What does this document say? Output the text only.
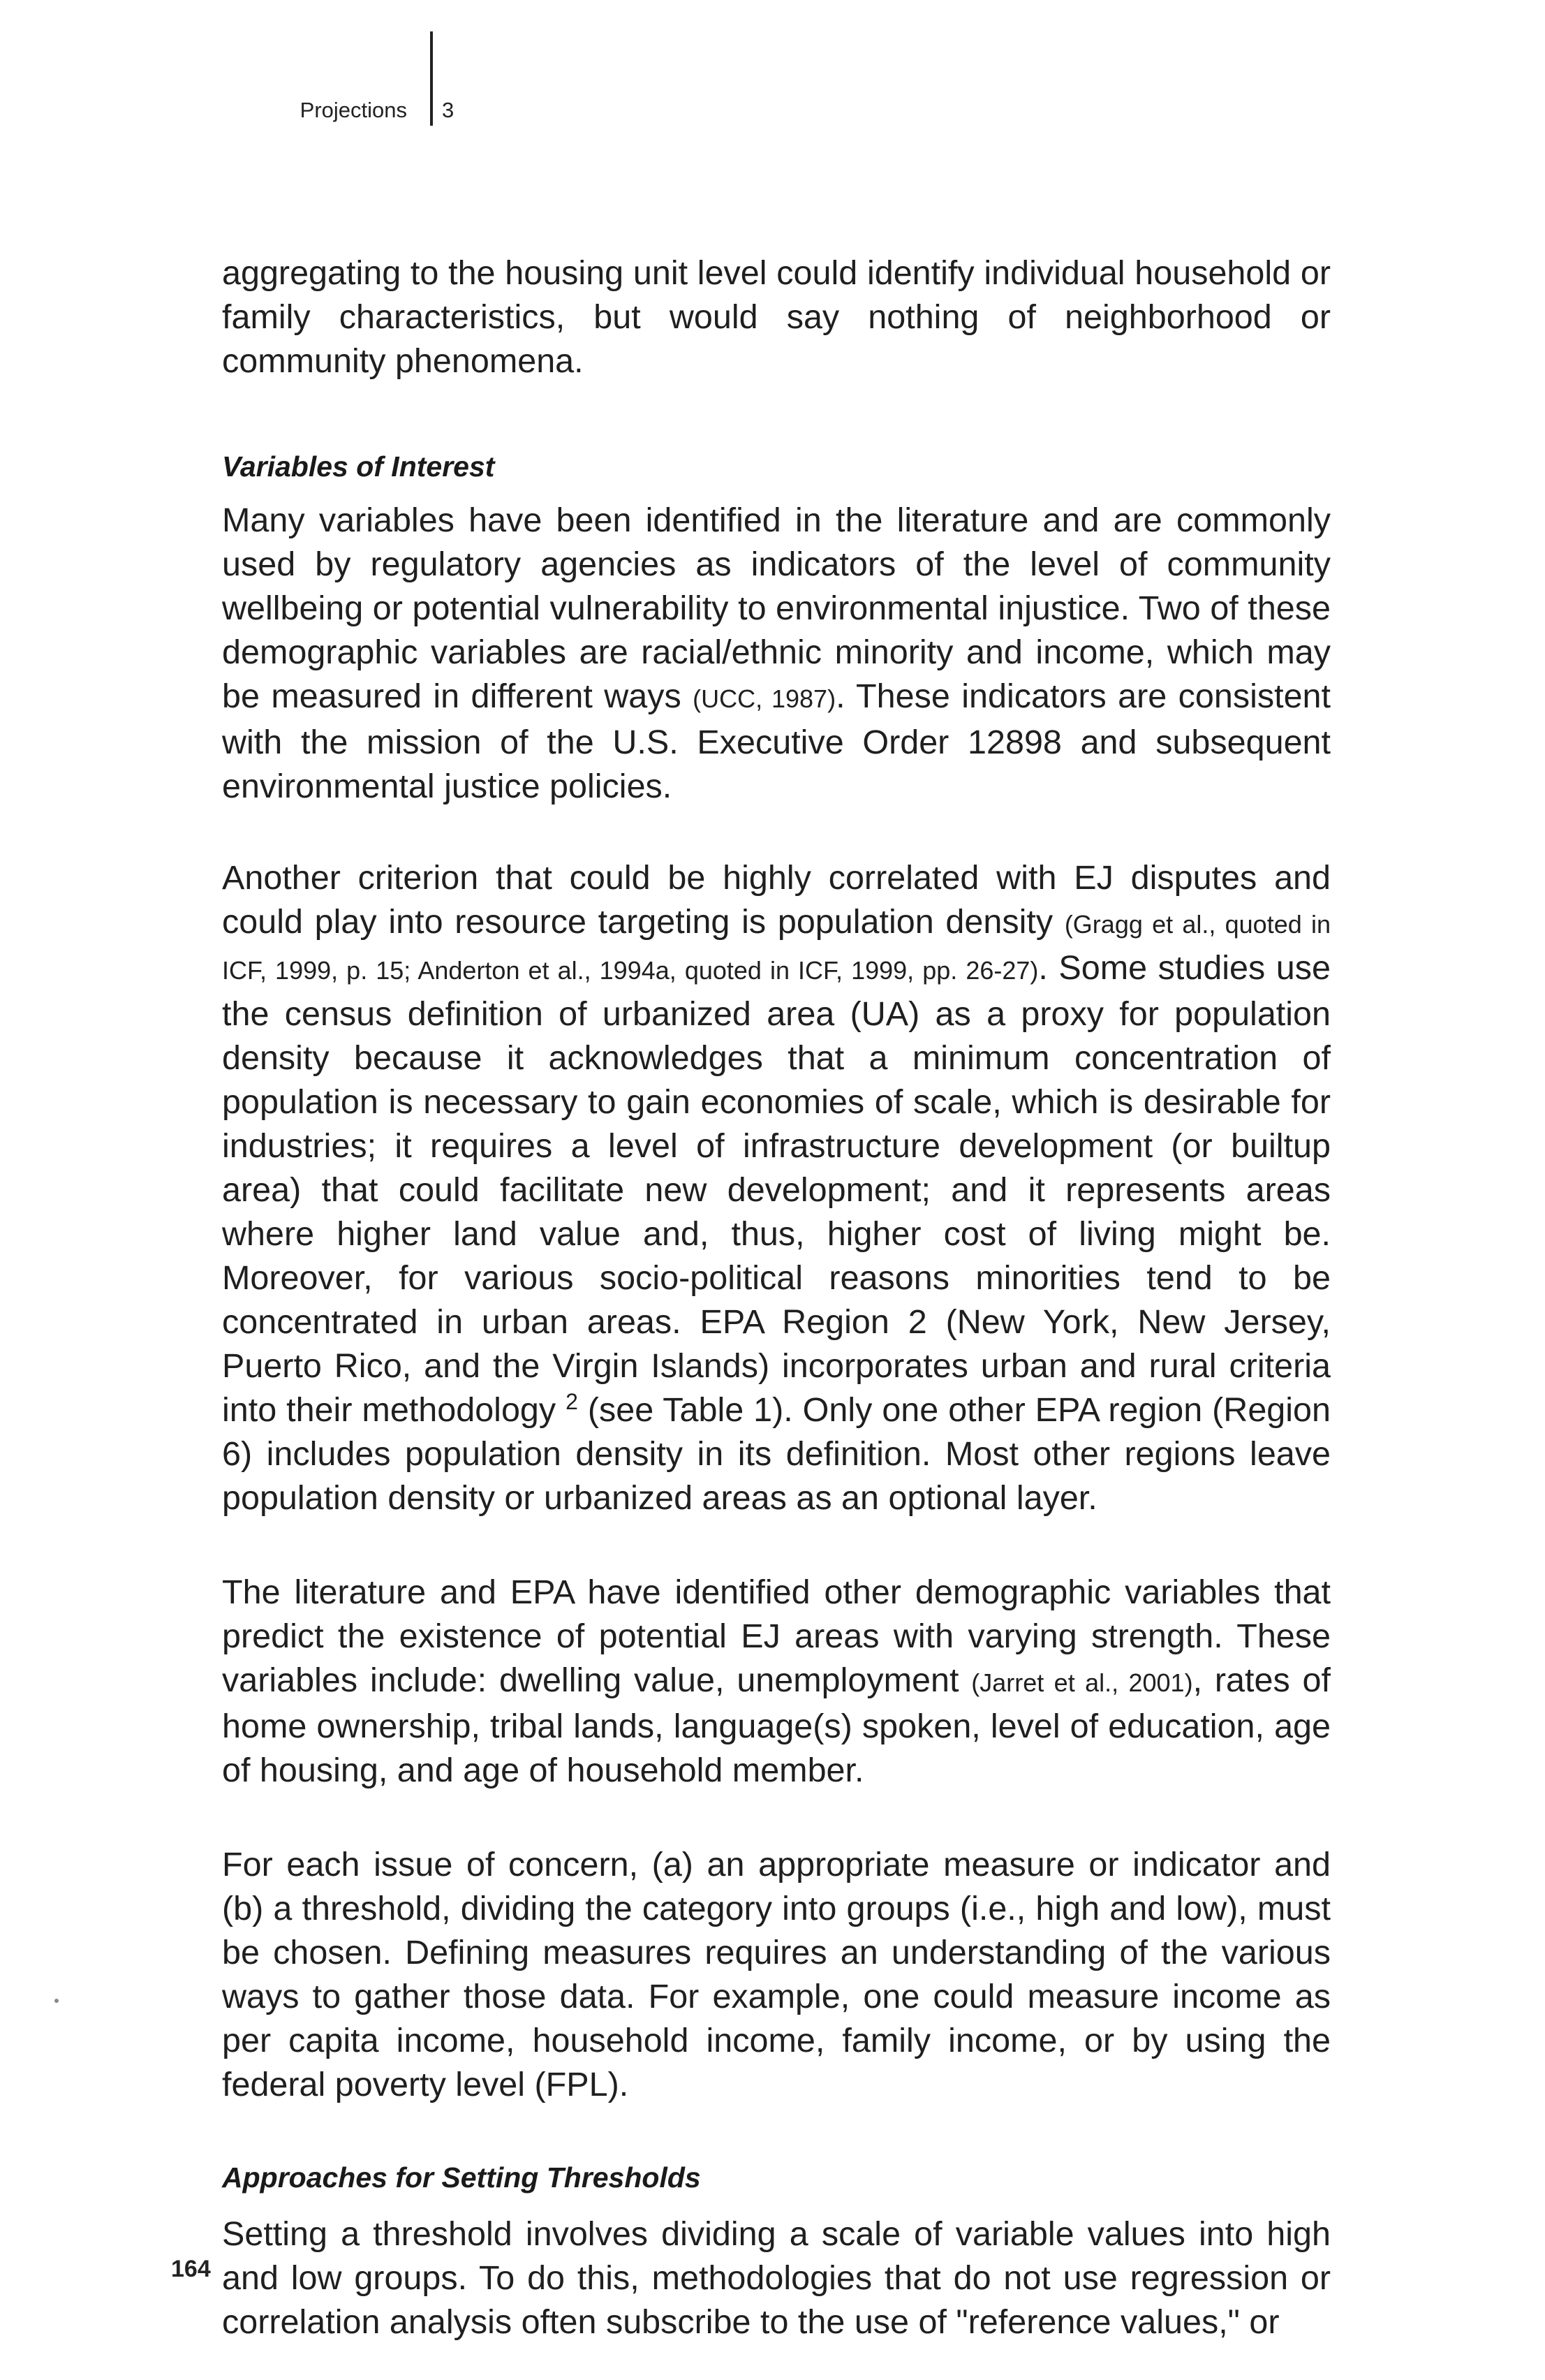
Projections 3

aggregating to the housing unit level could identify individual household or family characteristics, but would say nothing of neighborhood or community phenomena.

Variables of Interest

Many variables have been identified in the literature and are commonly used by regulatory agencies as indicators of the level of community wellbeing or potential vulnerability to environmental injustice. Two of these demographic variables are racial/ethnic minority and income, which may be measured in different ways (UCC, 1987). These indicators are consistent with the mission of the U.S. Executive Order 12898 and subsequent environmental justice policies.

Another criterion that could be highly correlated with EJ disputes and could play into resource targeting is population density (Gragg et al., quoted in ICF, 1999, p. 15; Anderton et al., 1994a, quoted in ICF, 1999, pp. 26-27). Some studies use the census definition of urbanized area (UA) as a proxy for population density because it acknowledges that a minimum concentration of population is necessary to gain economies of scale, which is desirable for industries; it requires a level of infrastructure development (or builtup area) that could facilitate new development; and it represents areas where higher land value and, thus, higher cost of living might be. Moreover, for various socio-political reasons minorities tend to be concentrated in urban areas. EPA Region 2 (New York, New Jersey, Puerto Rico, and the Virgin Islands) incorporates urban and rural criteria into their methodology $^2$ (see Table 1). Only one other EPA region (Region 6) includes population density in its definition. Most other regions leave population density or urbanized areas as an optional layer.

The literature and EPA have identified other demographic variables that predict the existence of potential EJ areas with varying strength. These variables include: dwelling value, unemployment (Jarret et al., 2001), rates of home ownership, tribal lands, language(s) spoken, level of education, age of housing, and age of household member.

For each issue of concern, (a) an appropriate measure or indicator and (b) a threshold, dividing the category into groups (i.e., high and low), must be chosen. Defining measures requires an understanding of the various ways to gather those data. For example, one could measure income as per capita income, household income, family income, or by using the federal poverty level (FPL).

Approaches for Setting Thresholds

Setting a threshold involves dividing a scale of variable values into high and low groups. To do this, methodologies that do not use regression or correlation analysis often subscribe to the use of "reference values," or

164
